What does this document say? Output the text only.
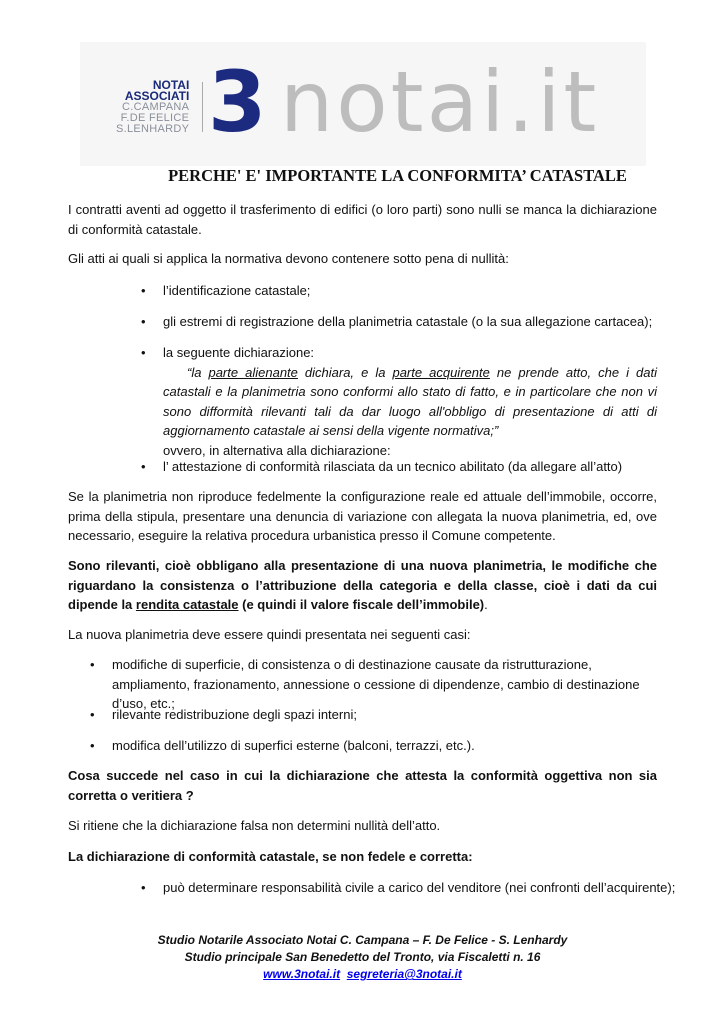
NOTAI
ASSOCIATI
C.CAMPANA
F.DE FELICE
S.LENHARDY 3 notai.it
PERCHE' E' IMPORTANTE LA CONFORMITA’ CATASTALE
I contratti aventi ad oggetto il trasferimento di edifici (o loro parti) sono nulli se manca la dichiarazione di conformità catastale.
Gli atti ai quali si applica la normativa devono contenere sotto pena di nullità:
• l’identificazione catastale;
• gli estremi di registrazione della planimetria catastale (o la sua allegazione cartacea);
• la seguente dichiarazione:

“la parte alienante dichiara, e la parte acquirente ne prende atto, che i dati catastali e la planimetria sono conformi allo stato di fatto, e in particolare che non vi sono difformità rilevanti tali da dar luogo all'obbligo di presentazione di atti di aggiornamento catastale ai sensi della vigente normativa;”
ovvero, in alternativa alla dichiarazione:
• l’ attestazione di conformità rilasciata da un tecnico abilitato (da allegare all’atto)
Se la planimetria non riproduce fedelmente la configurazione reale ed attuale dell’immobile, occorre, prima della stipula, presentare una denuncia di variazione con allegata la nuova planimetria, ed, ove necessario, eseguire la relativa procedura urbanistica presso il Comune competente.
Sono rilevanti, cioè obbligano alla presentazione di una nuova planimetria, le modifiche che riguardano la consistenza o l’attribuzione della categoria e della classe, cioè i dati da cui dipende la rendita catastale (e quindi il valore fiscale dell’immobile).
La nuova planimetria deve essere quindi presentata nei seguenti casi:
• modifiche di superficie, di consistenza o di destinazione causate da ristrutturazione, ampliamento, frazionamento, annessione o cessione di dipendenze, cambio di destinazione d’uso, etc.;
• rilevante redistribuzione degli spazi interni;
• modifica dell’utilizzo di superfici esterne (balconi, terrazzi, etc.).
Cosa succede nel caso in cui la dichiarazione che attesta la conformità oggettiva non sia corretta o veritiera ?
Si ritiene che la dichiarazione falsa non determini nullità dell’atto.
La dichiarazione di conformità catastale, se non fedele e corretta:
• può determinare responsabilità civile a carico del venditore (nei confronti dell’acquirente);
Studio Notarile Associato Notai C. Campana – F. De Felice - S. Lenhardy
Studio principale San Benedetto del Tronto, via Fiscaletti n. 16
www.3notai.it segreteria@3notai.it
